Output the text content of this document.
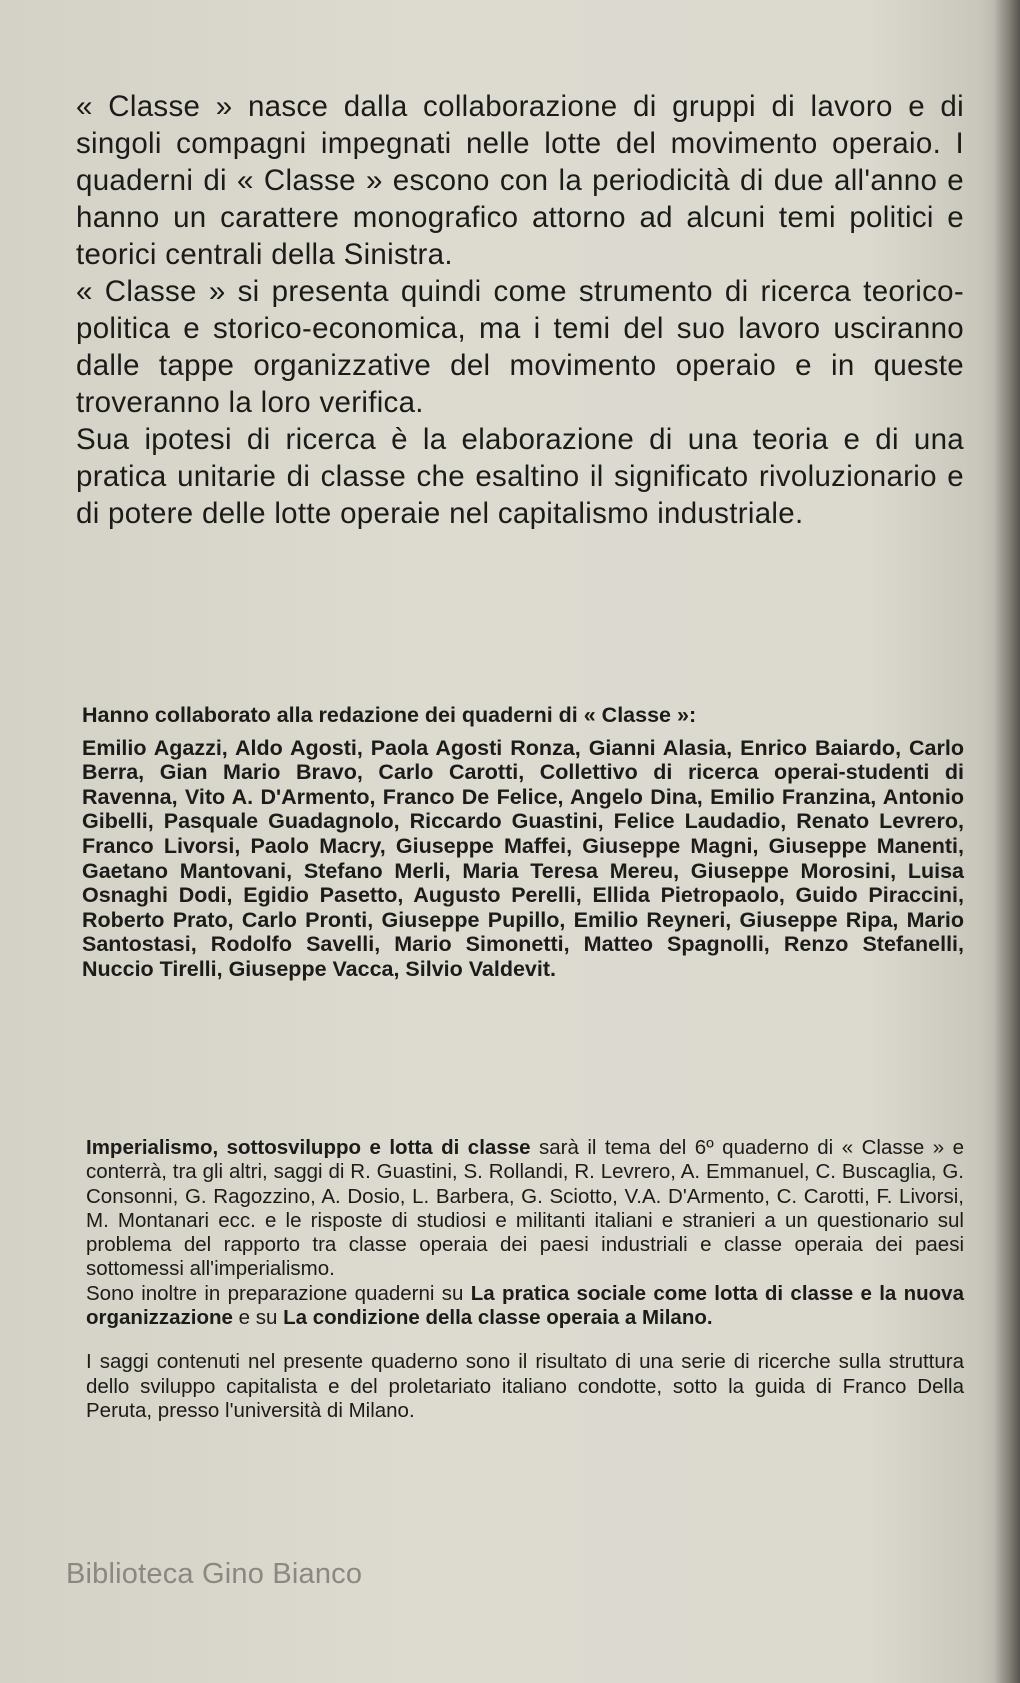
« Classe » nasce dalla collaborazione di gruppi di lavoro e di singoli compagni impegnati nelle lotte del movimento operaio. I quaderni di « Classe » escono con la periodicità di due all'anno e hanno un carattere monografico attorno ad alcuni temi politici e teorici centrali della Sinistra.

« Classe » si presenta quindi come strumento di ricerca teorico-politica e storico-economica, ma i temi del suo lavoro usciranno dalle tappe organizzative del movimento operaio e in queste troveranno la loro verifica.

Sua ipotesi di ricerca è la elaborazione di una teoria e di una pratica unitarie di classe che esaltino il significato rivoluzionario e di potere delle lotte operaie nel capitalismo industriale.

Hanno collaborato alla redazione dei quaderni di « Classe »:

Emilio Agazzi, Aldo Agosti, Paola Agosti Ronza, Gianni Alasia, Enrico Baiardo, Carlo Berra, Gian Mario Bravo, Carlo Carotti, Collettivo di ricerca operai-studenti di Ravenna, Vito A. D'Armento, Franco De Felice, Angelo Dina, Emilio Franzina, Antonio Gibelli, Pasquale Guadagnolo, Riccardo Guastini, Felice Laudadio, Renato Levrero, Franco Livorsi, Paolo Macry, Giuseppe Maffei, Giuseppe Magni, Giuseppe Manenti, Gaetano Mantovani, Stefano Merli, Maria Teresa Mereu, Giuseppe Morosini, Luisa Osnaghi Dodi, Egidio Pasetto, Augusto Perelli, Ellida Pietropaolo, Guido Piraccini, Roberto Prato, Carlo Pronti, Giuseppe Pupillo, Emilio Reyneri, Giuseppe Ripa, Mario Santostasi, Rodolfo Savelli, Mario Simonetti, Matteo Spagnolli, Renzo Stefanelli, Nuccio Tirelli, Giuseppe Vacca, Silvio Valdevit.

Imperialismo, sottosviluppo e lotta di classe sarà il tema del 6º quaderno di « Classe » e conterrà, tra gli altri, saggi di R. Guastini, S. Rollandi, R. Levrero, A. Emmanuel, C. Buscaglia, G. Consonni, G. Ragozzino, A. Dosio, L. Barbera, G. Sciotto, V.A. D'Armento, C. Carotti, F. Livorsi, M. Montanari ecc. e le risposte di studiosi e militanti italiani e stranieri a un questionario sul problema del rapporto tra classe operaia dei paesi industriali e classe operaia dei paesi sottomessi all'imperialismo.

Sono inoltre in preparazione quaderni su La pratica sociale come lotta di classe e la nuova organizzazione e su La condizione della classe operaia a Milano.

I saggi contenuti nel presente quaderno sono il risultato di una serie di ricerche sulla struttura dello sviluppo capitalista e del proletariato italiano condotte, sotto la guida di Franco Della Peruta, presso l'università di Milano.

Biblioteca Gino Bianco
